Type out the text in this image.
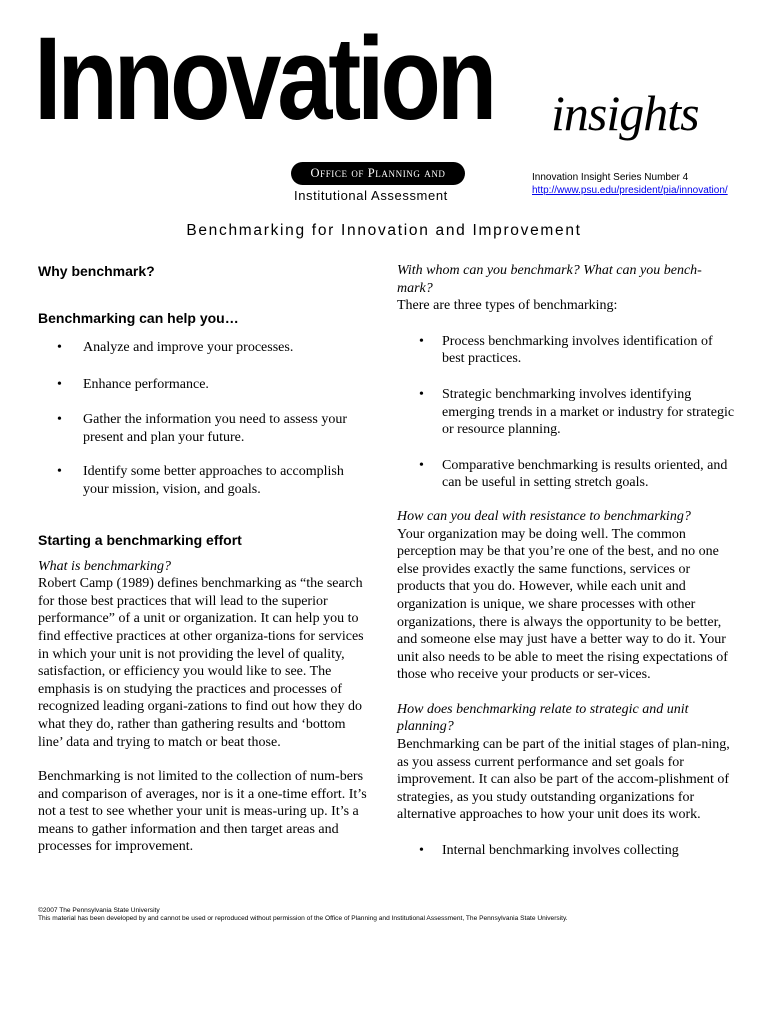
Innovation insights
Office of Planning and
Institutional Assessment
Innovation Insight Series Number 4
http://www.psu.edu/president/pia/innovation/
Benchmarking for Innovation and Improvement
Why benchmark?
Benchmarking can help you…
• Analyze and improve your processes.
• Enhance performance.
• Gather the information you need to assess your present and plan your future.
• Identify some better approaches to accomplish your mission, vision, and goals.
Starting a benchmarking effort

What is benchmarking?

Robert Camp (1989) defines benchmarking as “the search for those best practices that will lead to the superior performance” of a unit or organization. It can help you to find effective practices at other organiza-tions for services in which your unit is not providing the level of quality, satisfaction, or efficiency you would like to see. The emphasis is on studying the practices and processes of recognized leading organi-zations to find out how they do what they do, rather than gathering results and ‘bottom line’ data and trying to match or beat those.

Benchmarking is not limited to the collection of num-bers and comparison of averages, nor is it a one-time effort. It’s not a test to see whether your unit is meas-uring up. It’s a means to gather information and then target areas and processes for improvement.

With whom can you benchmark? What can you bench-mark?

There are three types of benchmarking:

• Process benchmarking involves identification of best practices.
• Strategic benchmarking involves identifying emerging trends in a market or industry for strategic or resource planning.
• Comparative benchmarking is results oriented, and can be useful in setting stretch goals.

How can you deal with resistance to benchmarking?

Your organization may be doing well. The common perception may be that you’re one of the best, and no one else provides exactly the same functions, services or products that you do. However, while each unit and organization is unique, we share processes with other organizations, there is always the opportunity to be better, and someone else may just have a better way to do it. Your unit also needs to be able to meet the rising expectations of those who receive your products or ser-vices.

How does benchmarking relate to strategic and unit planning?

Benchmarking can be part of the initial stages of plan-ning, as you assess current performance and set goals for improvement. It can also be part of the accom-plishment of strategies, as you study outstanding organizations for alternative approaches to how your unit does its work.

• Internal benchmarking involves collecting
©2007 The Pennsylvania State University
This material has been developed by and cannot be used or reproduced without permission of the Office of Planning and Institutional Assessment, The Pennsylvania State University.
